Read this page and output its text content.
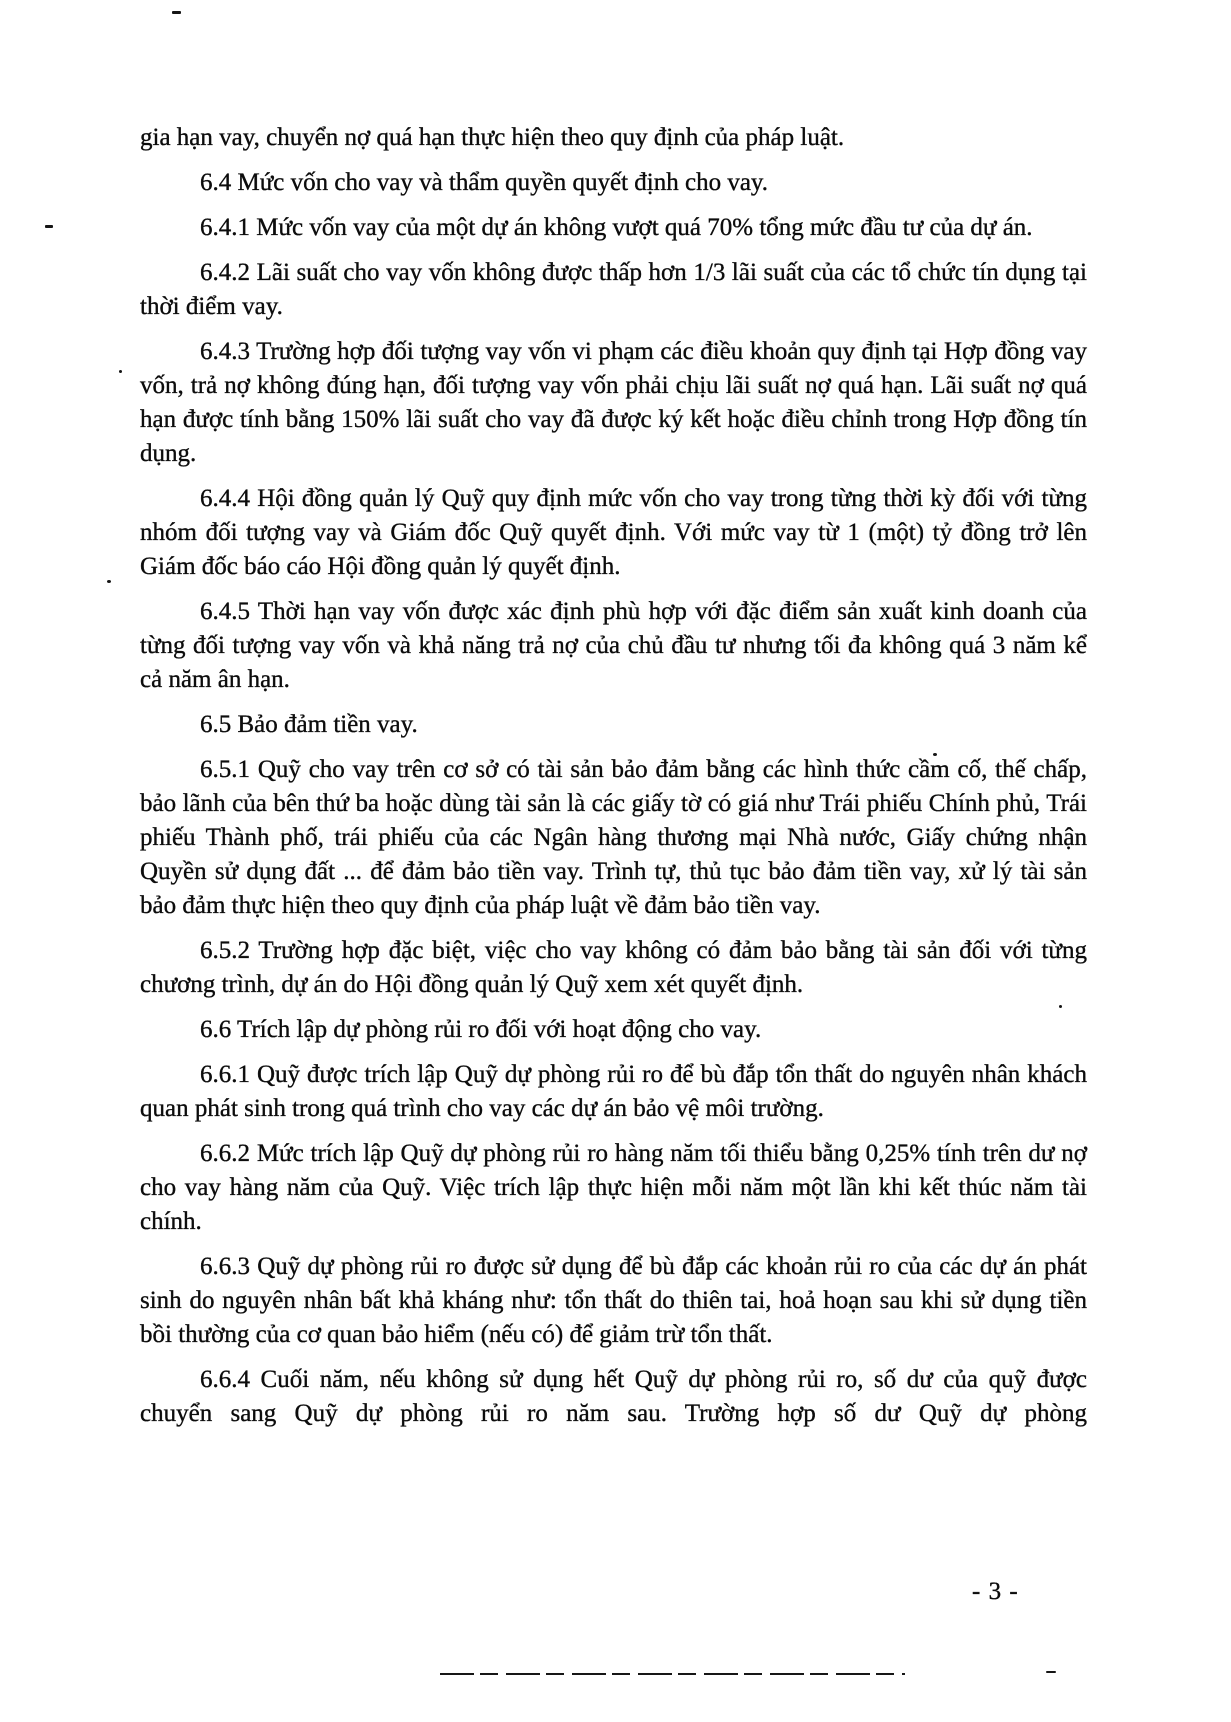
gia hạn vay, chuyển nợ quá hạn thực hiện theo quy định của pháp luật.

6.4 Mức vốn cho vay và thẩm quyền quyết định cho vay.

6.4.1 Mức vốn vay của một dự án không vượt quá 70% tổng mức đầu tư của dự án.

6.4.2 Lãi suất cho vay vốn không được thấp hơn 1/3 lãi suất của các tổ chức tín dụng tại thời điểm vay.

6.4.3 Trường hợp đối tượng vay vốn vi phạm các điều khoản quy định tại Hợp đồng vay vốn, trả nợ không đúng hạn, đối tượng vay vốn phải chịu lãi suất nợ quá hạn. Lãi suất nợ quá hạn được tính bằng 150% lãi suất cho vay đã được ký kết hoặc điều chỉnh trong Hợp đồng tín dụng.

6.4.4 Hội đồng quản lý Quỹ quy định mức vốn cho vay trong từng thời kỳ đối với từng nhóm đối tượng vay và Giám đốc Quỹ quyết định. Với mức vay từ 1 (một) tỷ đồng trở lên Giám đốc báo cáo Hội đồng quản lý quyết định.

6.4.5 Thời hạn vay vốn được xác định phù hợp với đặc điểm sản xuất kinh doanh của từng đối tượng vay vốn và khả năng trả nợ của chủ đầu tư nhưng tối đa không quá 3 năm kể cả năm ân hạn.

6.5 Bảo đảm tiền vay.

6.5.1 Quỹ cho vay trên cơ sở có tài sản bảo đảm bằng các hình thức cầm cố, thế chấp, bảo lãnh của bên thứ ba hoặc dùng tài sản là các giấy tờ có giá như Trái phiếu Chính phủ, Trái phiếu Thành phố, trái phiếu của các Ngân hàng thương mại Nhà nước, Giấy chứng nhận Quyền sử dụng đất ... để đảm bảo tiền vay. Trình tự, thủ tục bảo đảm tiền vay, xử lý tài sản bảo đảm thực hiện theo quy định của pháp luật về đảm bảo tiền vay.

6.5.2 Trường hợp đặc biệt, việc cho vay không có đảm bảo bằng tài sản đối với từng chương trình, dự án do Hội đồng quản lý Quỹ xem xét quyết định.

6.6 Trích lập dự phòng rủi ro đối với hoạt động cho vay.

6.6.1 Quỹ được trích lập Quỹ dự phòng rủi ro để bù đắp tổn thất do nguyên nhân khách quan phát sinh trong quá trình cho vay các dự án bảo vệ môi trường.

6.6.2 Mức trích lập Quỹ dự phòng rủi ro hàng năm tối thiểu bằng 0,25% tính trên dư nợ cho vay hàng năm của Quỹ. Việc trích lập thực hiện mỗi năm một lần khi kết thúc năm tài chính.

6.6.3 Quỹ dự phòng rủi ro được sử dụng để bù đắp các khoản rủi ro của các dự án phát sinh do nguyên nhân bất khả kháng như: tổn thất do thiên tai, hoả hoạn sau khi sử dụng tiền bồi thường của cơ quan bảo hiểm (nếu có) để giảm trừ tổn thất.

6.6.4 Cuối năm, nếu không sử dụng hết Quỹ dự phòng rủi ro, số dư của quỹ được chuyển sang Quỹ dự phòng rủi ro năm sau. Trường hợp số dư Quỹ dự phòng

- 3 -
